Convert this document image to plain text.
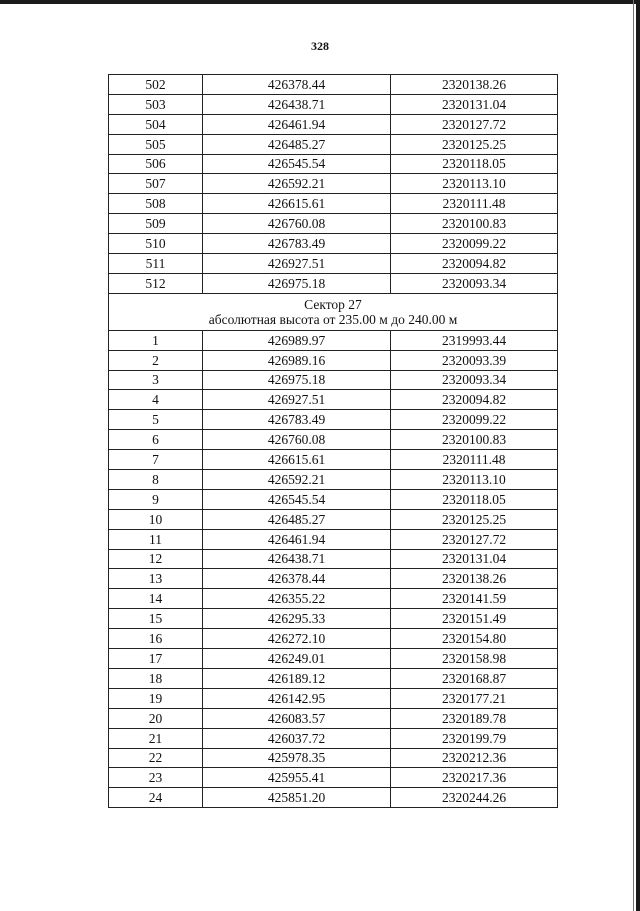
328
502	426378.44	2320138.26
503	426438.71	2320131.04
504	426461.94	2320127.72
505	426485.27	2320125.25
506	426545.54	2320118.05
507	426592.21	2320113.10
508	426615.61	2320111.48
509	426760.08	2320100.83
510	426783.49	2320099.22
511	426927.51	2320094.82
512	426975.18	2320093.34

Сектор 27
абсолютная высота от 235.00 м до 240.00 м		

1	426989.97	2319993.44
2	426989.16	2320093.39
3	426975.18	2320093.34
4	426927.51	2320094.82
5	426783.49	2320099.22
6	426760.08	2320100.83
7	426615.61	2320111.48
8	426592.21	2320113.10
9	426545.54	2320118.05
10	426485.27	2320125.25
11	426461.94	2320127.72
12	426438.71	2320131.04
13	426378.44	2320138.26
14	426355.22	2320141.59
15	426295.33	2320151.49
16	426272.10	2320154.80
17	426249.01	2320158.98
18	426189.12	2320168.87
19	426142.95	2320177.21
20	426083.57	2320189.78
21	426037.72	2320199.79
22	425978.35	2320212.36
23	425955.41	2320217.36
24	425851.20	2320244.26
